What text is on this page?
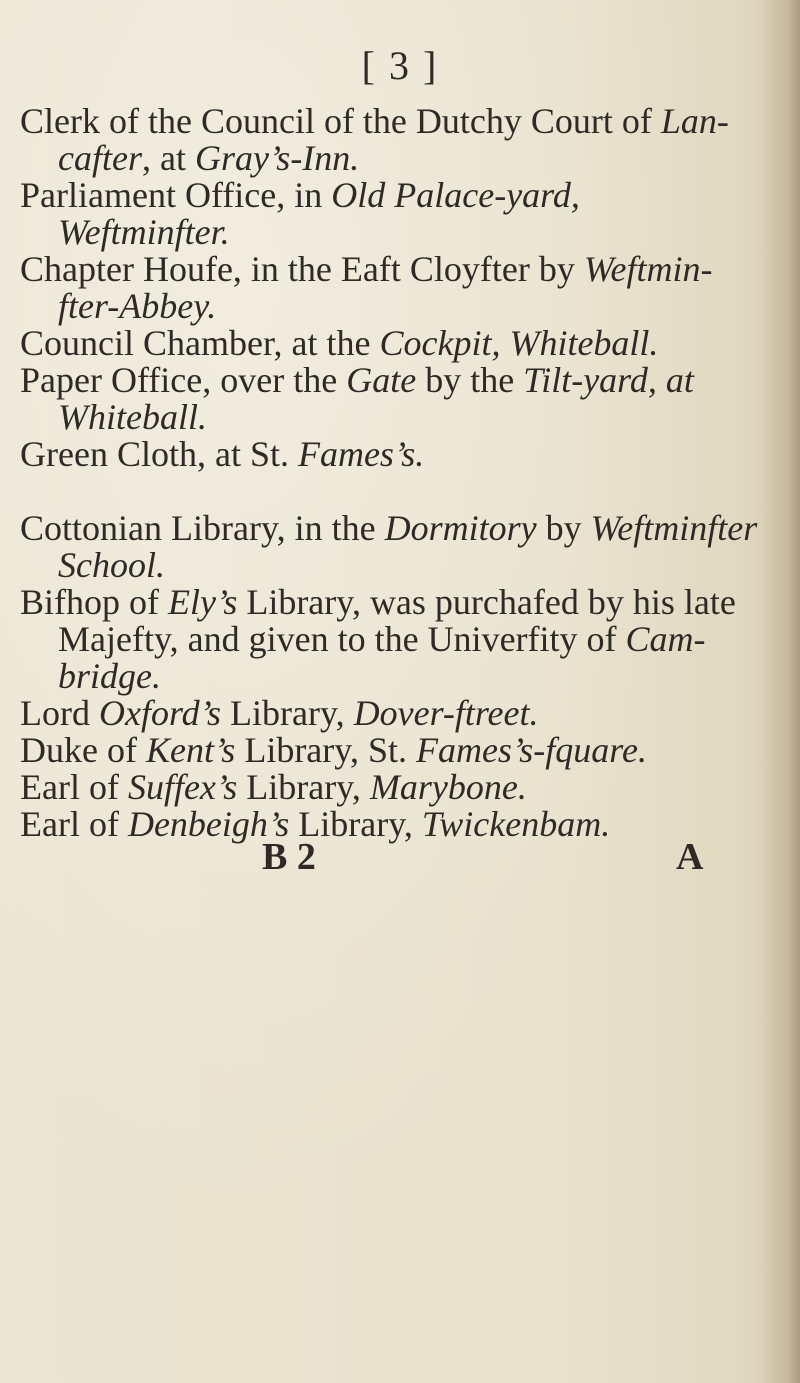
[ 3 ]

Clerk of the Council of the Dutchy Court of Lan-cafter, at Gray’s-Inn.

Parliament Office, in Old Palace-yard, Weftminfter.

Chapter Houfe, in the Eaft Cloyfter by Weftmin-fter-Abbey.

Council Chamber, at the Cockpit, Whiteball.

Paper Office, over the Gate by the Tilt-yard, at Whiteball.

Green Cloth, at St. Fames’s.

Cottonian Library, in the Dormitory by Weftminfter School.

Bifhop of Ely’s Library, was purchafed by his late Majefty, and given to the Univerfity of Cam-bridge.

Lord Oxford’s Library, Dover-ftreet.

Duke of Kent’s Library, St. Fames’s-fquare.

Earl of Suffex’s Library, Marybone.

Earl of Denbeigh’s Library, Twickenbam.

B 2	A
